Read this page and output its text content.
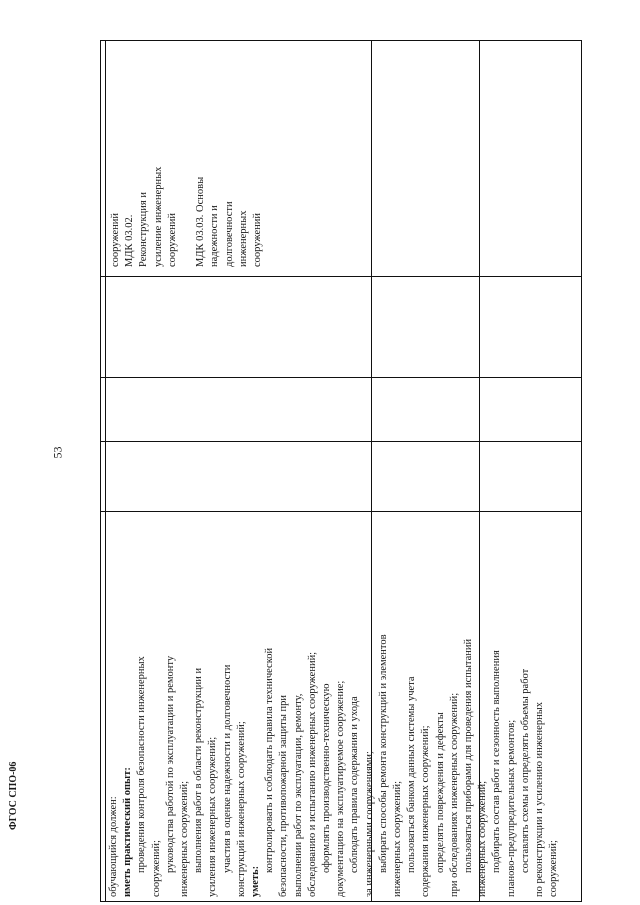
53
ФГОС СПО-06
обучающийся должен: иметь практический опыт: проведения контроля безопасности инженерных сооружений; руководства работой по эксплуатации и ремонту инженерных сооружений; выполнения работ в области реконструкции и усиления инженерных сооружений; участия в оценке надежности и долговечности конструкций инженерных сооружений; уметь:
контролировать и соблюдать правила технической безопасности, противопожарной защиты при выполнении работ по эксплуатации, ремонту, обследованию и испытанию инженерных сооружений; оформлять производственно-техническую документацию на эксплуатируемое сооружение; соблюдать правила содержания и ухода за инженерными сооружениями; выбирать способы ремонта конструкций и элементов инженерных сооружений; пользоваться банком данных системы учета содержания инженерных сооружений; определять повреждения и дефекты при обследованиях инженерных сооружений; пользоваться приборами для проведения испытаний инженерных сооружений; подбирать состав работ и сезонность выполнения планово-предупредительных ремонтов; составлять схемы и определять объемы работ по реконструкции и усилению инженерных сооружений;
сооружений МДК 03.02. Реконструкция и усиление инженерных сооружений
МДК 03.03. Основы надежности и долговечности инженерных сооружений
